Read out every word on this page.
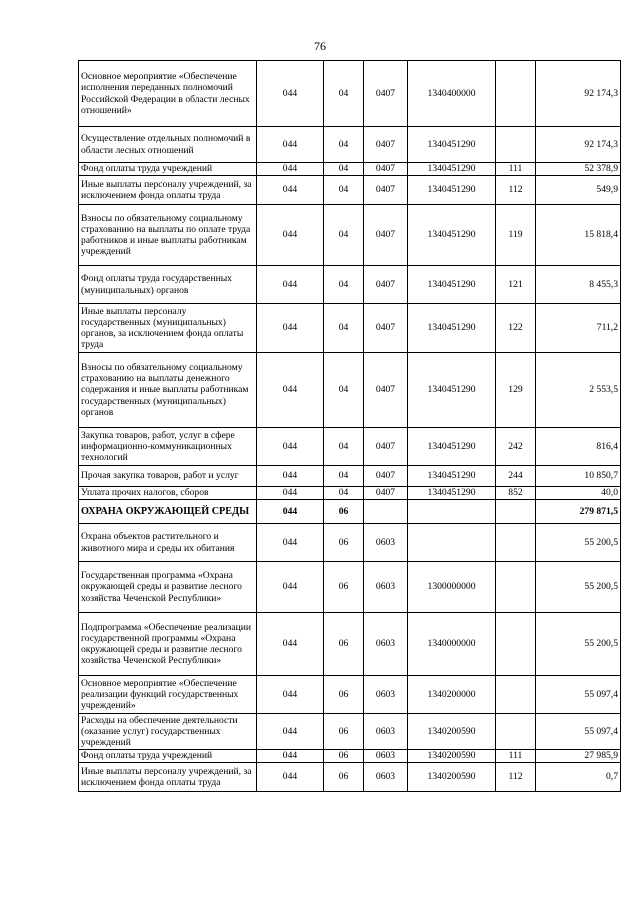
76
Основное мероприятие «Обеспечение исполнения переданных полномочий Российской Федерации в области лесных отношений»	044	04	0407	1340400000		92 174,3
Осуществление отдельных полномочий в области лесных отношений	044	04	0407	1340451290		92 174,3
Фонд оплаты труда учреждений	044	04	0407	1340451290	111	52 378,9
Иные выплаты персоналу учреждений, за исключением фонда оплаты труда	044	04	0407	1340451290	112	549,9
Взносы по обязательному социальному страхованию на выплаты по оплате труда работников и иные выплаты работникам учреждений	044	04	0407	1340451290	119	15 818,4
Фонд оплаты труда государственных (муниципальных) органов	044	04	0407	1340451290	121	8 455,3
Иные выплаты персоналу государственных (муниципальных) органов, за исключением фонда оплаты труда	044	04	0407	1340451290	122	711,2
Взносы по обязательному социальному страхованию на выплаты денежного содержания и иные выплаты работникам государственных (муниципальных) органов	044	04	0407	1340451290	129	2 553,5
Закупка товаров, работ, услуг в сфере информационно-коммуникационных технологий	044	04	0407	1340451290	242	816,4
Прочая закупка товаров, работ и услуг	044	04	0407	1340451290	244	10 850,7
Уплата прочих налогов, сборов	044	04	0407	1340451290	852	40,0
ОХРАНА ОКРУЖАЮЩЕЙ СРЕДЫ	044	06				279 871,5
Охрана объектов растительного и животного мира и среды их обитания	044	06	0603			55 200,5
Государственная программа «Охрана окружающей среды и развитие лесного хозяйства Чеченской Республики»	044	06	0603	1300000000		55 200,5
Подпрограмма «Обеспечение реализации государственной программы «Охрана окружающей среды и развитие лесного хозяйства Чеченской Республики»	044	06	0603	1340000000		55 200,5
Основное мероприятие «Обеспечение реализации функций государственных учреждений»	044	06	0603	1340200000		55 097,4
Расходы на обеспечение деятельности (оказание услуг) государственных учреждений	044	06	0603	1340200590		55 097,4
Фонд оплаты труда учреждений	044	06	0603	1340200590	111	27 985,9
Иные выплаты персоналу учреждений, за исключением фонда оплаты труда	044	06	0603	1340200590	112	0,7
